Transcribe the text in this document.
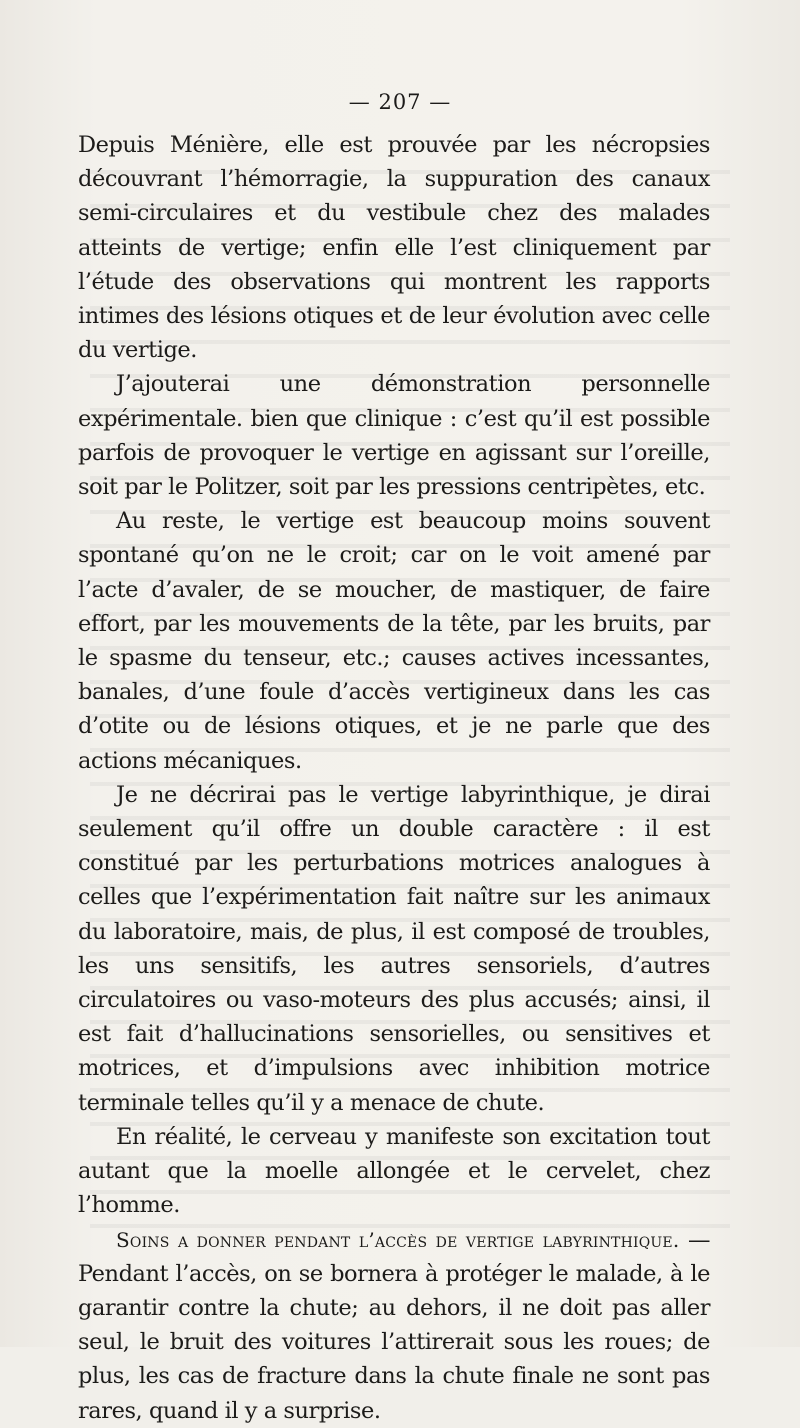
— 207 —

Depuis Ménière, elle est prouvée par les nécropsies découvrant l’hémorragie, la suppuration des canaux semi-circulaires et du vestibule chez des malades atteints de vertige; enfin elle l’est cliniquement par l’étude des observations qui montrent les rapports intimes des lésions otiques et de leur évolution avec celle du vertige.

J’ajouterai une démonstration personnelle expérimentale. bien que clinique : c’est qu’il est possible parfois de provoquer le vertige en agissant sur l’oreille, soit par le Politzer, soit par les pressions centripètes, etc.

Au reste, le vertige est beaucoup moins souvent spontané qu’on ne le croit; car on le voit amené par l’acte d’avaler, de se moucher, de mastiquer, de faire effort, par les mouvements de la tête, par les bruits, par le spasme du tenseur, etc.; causes actives incessantes, banales, d’une foule d’accès vertigineux dans les cas d’otite ou de lésions otiques, et je ne parle que des actions mécaniques.

Je ne décrirai pas le vertige labyrinthique, je dirai seulement qu’il offre un double caractère : il est constitué par les perturbations motrices analogues à celles que l’expérimentation fait naître sur les animaux du laboratoire, mais, de plus, il est composé de troubles, les uns sensitifs, les autres sensoriels, d’autres circulatoires ou vaso-moteurs des plus accusés; ainsi, il est fait d’hallucinations sensorielles, ou sensitives et motrices, et d’impulsions avec inhibition motrice terminale telles qu’il y a menace de chute.

En réalité, le cerveau y manifeste son excitation tout autant que la moelle allongée et le cervelet, chez l’homme.

Soins a donner pendant l’accès de vertige labyrinthique. — Pendant l’accès, on se bornera à protéger le malade, à le garantir contre la chute; au dehors, il ne doit pas aller seul, le bruit des voitures l’attirerait sous les roues; de plus, les cas de fracture dans la chute finale ne sont pas rares, quand il y a surprise.
